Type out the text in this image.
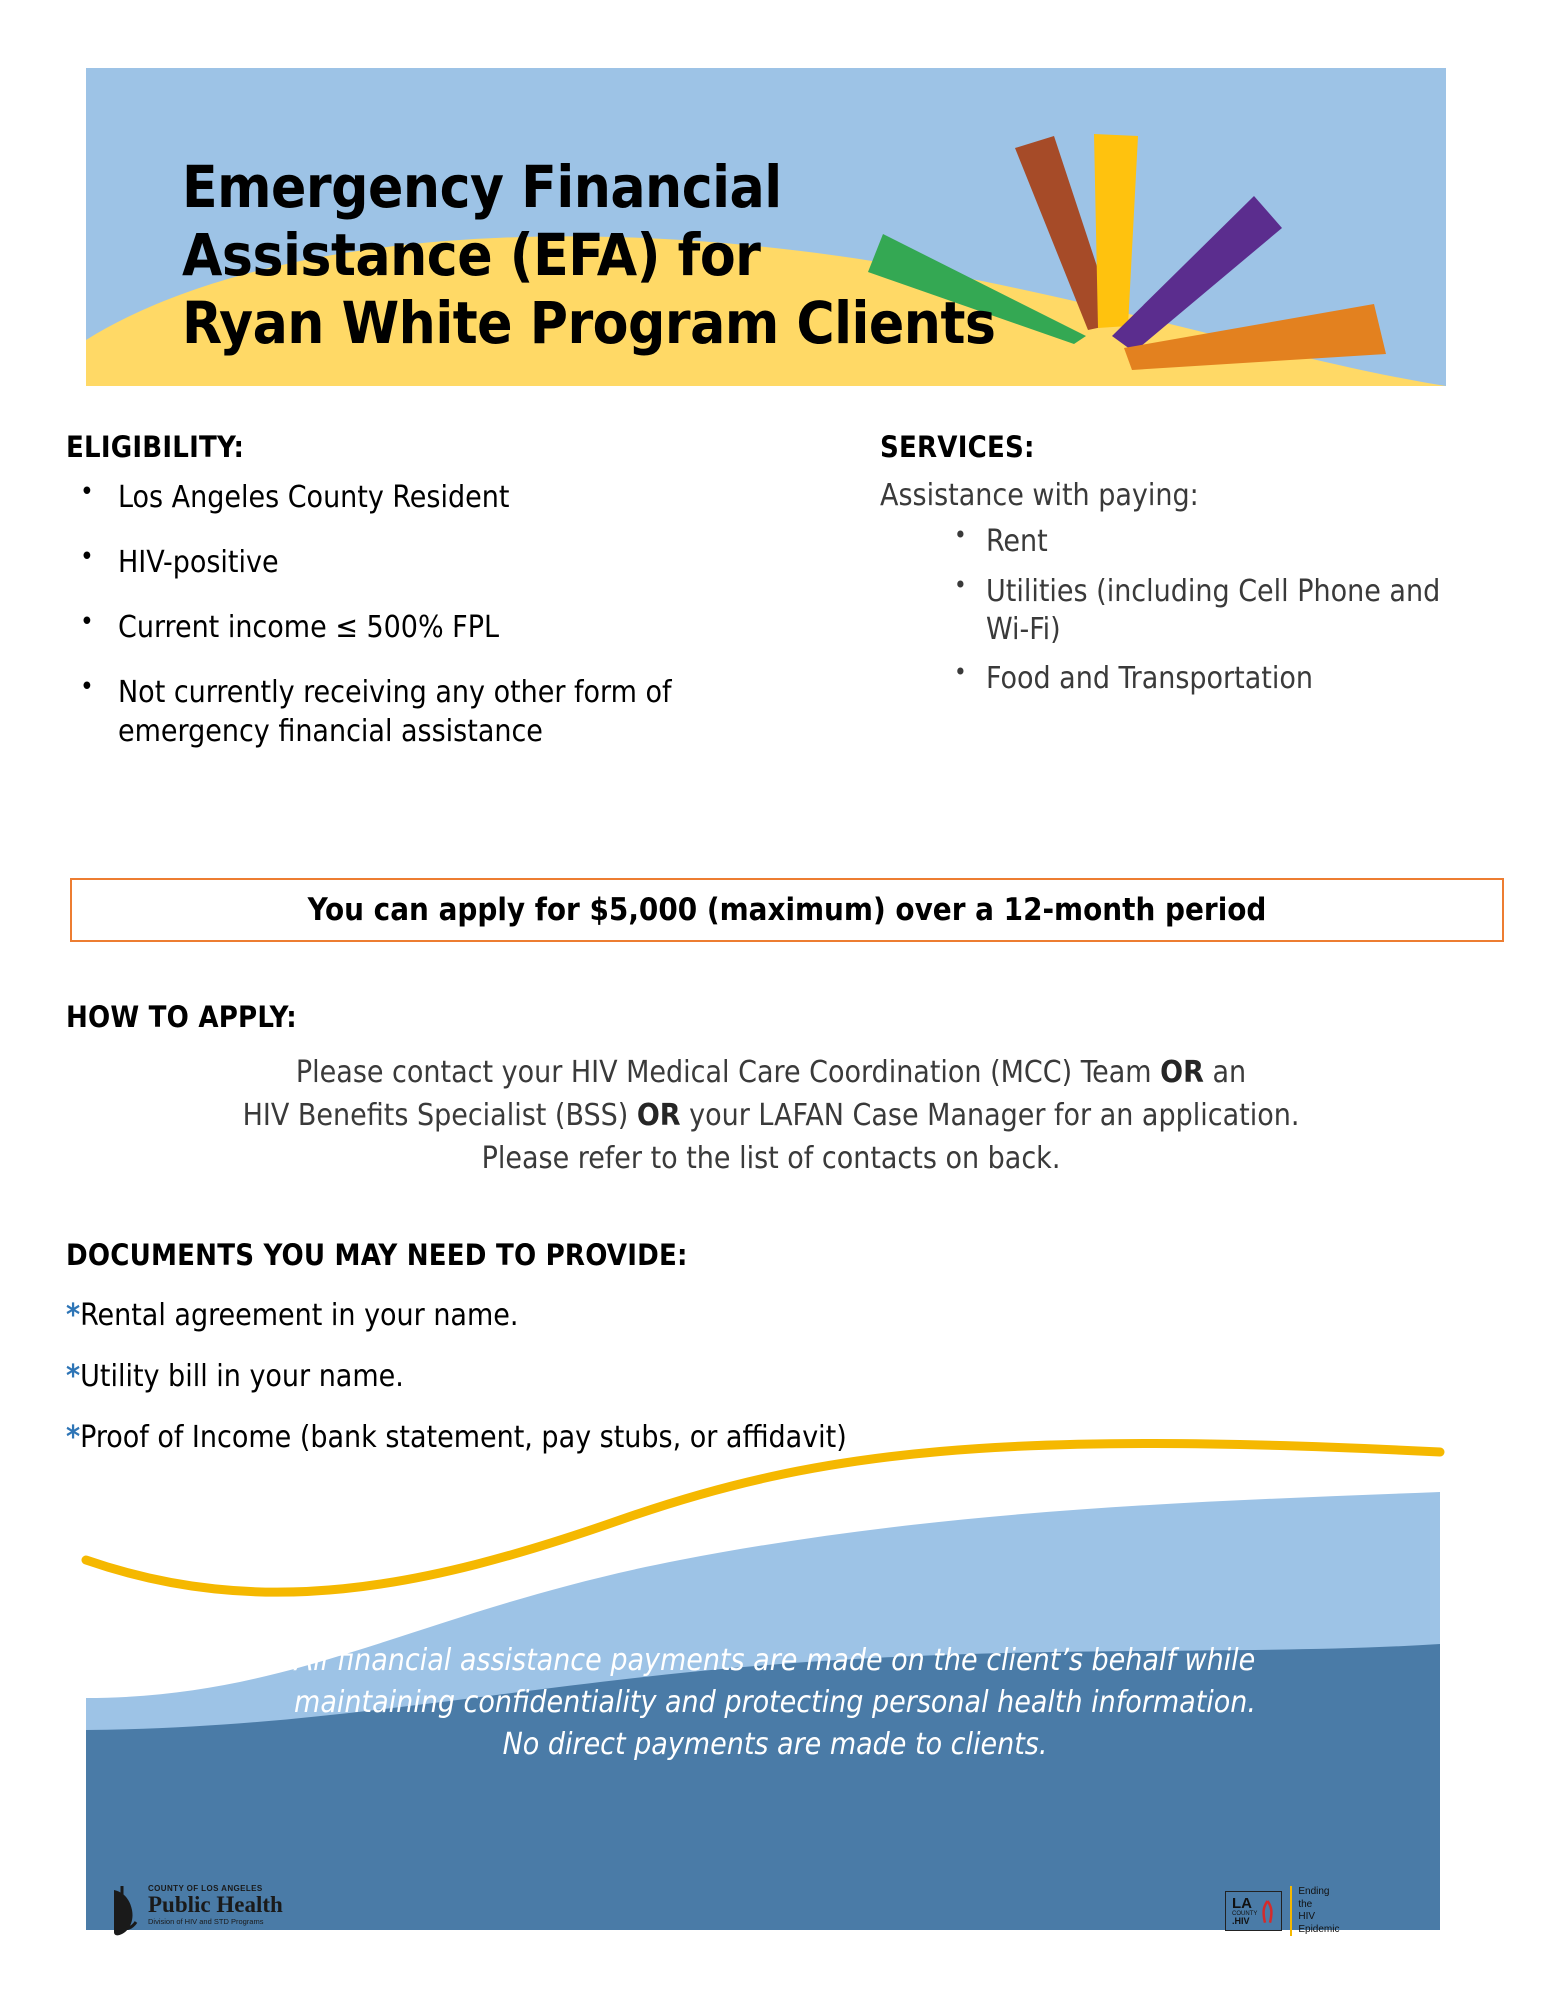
Emergency Financial
Assistance (EFA) for
Ryan White Program Clients
ELIGIBILITY:
• Los Angeles County Resident
• HIV-positive
• Current income ≤ 500% FPL
• Not currently receiving any other form of emergency financial assistance
SERVICES:
Assistance with paying:
• Rent
• Utilities (including Cell Phone and Wi-Fi)
• Food and Transportation
You can apply for $5,000 (maximum) over a 12-month period
HOW TO APPLY:
Please contact your HIV Medical Care Coordination (MCC) Team OR an
HIV Benefits Specialist (BSS) OR your LAFAN Case Manager for an application.
Please refer to the list of contacts on back.
DOCUMENTS YOU MAY NEED TO PROVIDE:
*Rental agreement in your name.
*Utility bill in your name.
*Proof of Income (bank statement, pay stubs, or affidavit)
All financial assistance payments are made on the client’s behalf while
maintaining confidentiality and protecting personal health information.
No direct payments are made to clients.
COUNTY OF LOS ANGELES
Public Health
Division of HIV and STD Programs
LA
COUNTY
.HIV
Ending
the
HIV
Epidemic
